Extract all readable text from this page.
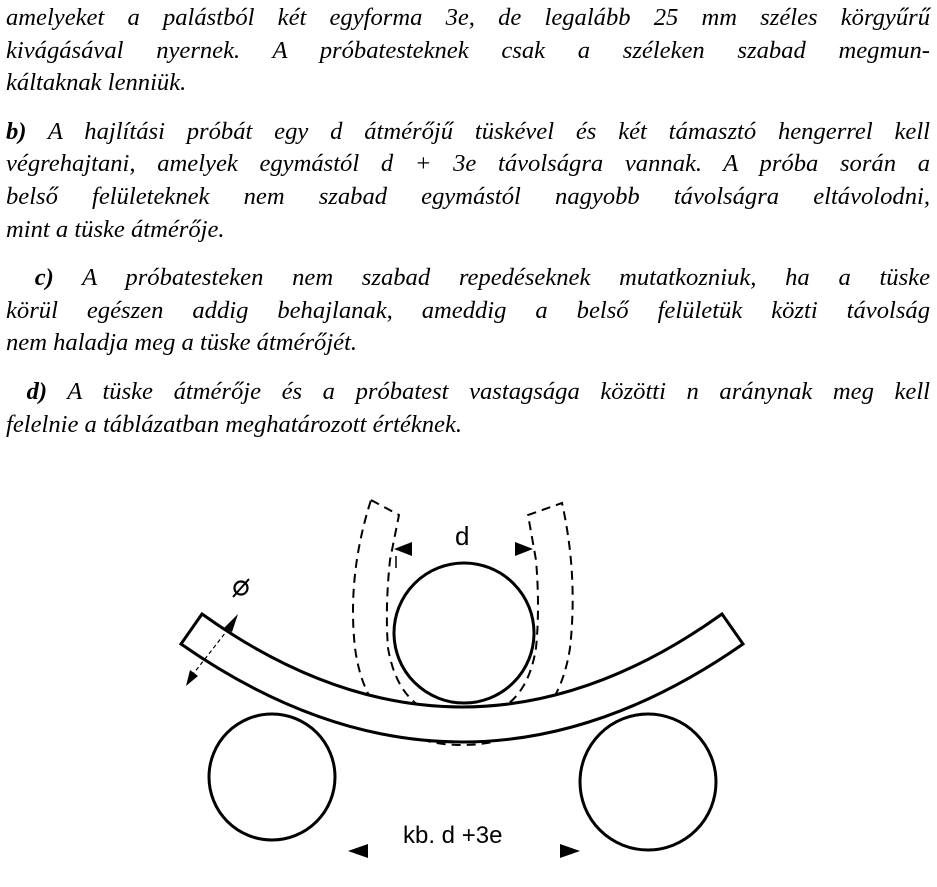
amelyeket a palástból két egyforma 3e, de legalább 25 mm széles körgyűrű
kivágásával nyernek. A próbatesteknek csak a széleken szabad megmun-
káltaknak lenniük.

b) A hajlítási próbát egy d átmérőjű tüskével és két támasztó hengerrel kell
végrehajtani, amelyek egymástól d + 3e távolságra vannak. A próba során a
belső felületeknek nem szabad egymástól nagyobb távolságra eltávolodni,
mint a tüske átmérője.

c) A próbatesteken nem szabad repedéseknek mutatkozniuk, ha a tüske
körül egészen addig behajlanak, ameddig a belső felületük közti távolság
nem haladja meg a tüske átmérőjét.

d) A tüske átmérője és a próbatest vastagsága közötti n aránynak meg kell
felelnie a táblázatban meghatározott értéknek.

d
kb. d +3e
